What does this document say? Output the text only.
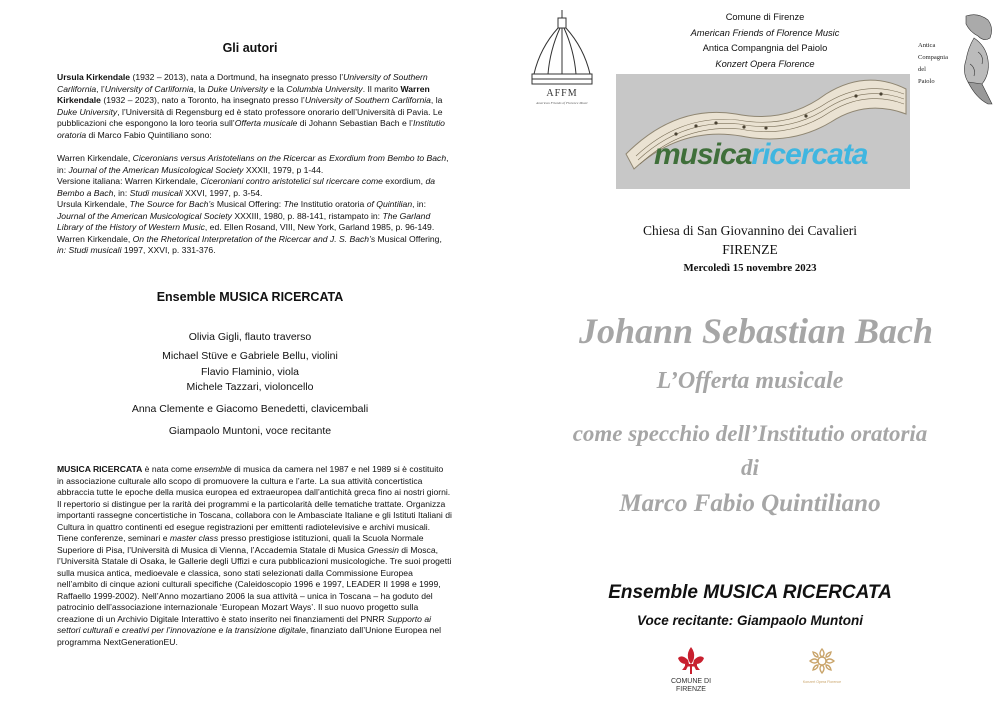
Gli autori

Ursula Kirkendale (1932 – 2013), nata a Dortmund, ha insegnato presso l’University of Southern Carlifornia, l’University of Carlifornia, la Duke University e la Columbia University. Il marito Warren Kirkendale (1932 – 2023), nato a Toronto, ha insegnato presso l’University of Southern Carlifornia, la Duke University, l’Università di Regensburg ed è stato professore onorario dell’Università di Pavia. Le pubblicazioni che espongono la loro teoria sull’Offerta musicale di Johann Sebastian Bach e l’Institutio oratoria di Marco Fabio Quintiliano sono:

Warren Kirkendale, Ciceronians versus Aristotelians on the Ricercar as Exordium from Bembo to Bach, in: Journal of the American Musicological Society XXXII, 1979, p 1-44.
Versione italiana: Warren Kirkendale, Ciceroniani contro aristotelici sul ricercare come exordium, da Bembo a Bach, in: Studi musicali XXVI, 1997, p. 3-54.
Ursula Kirkendale, The Source for Bach’s Musical Offering: The Institutio oratoria of Quintilian, in: Journal of the American Musicological Society XXXIII, 1980, p. 88-141, ristampato in: The Garland Library of the History of Western Music, ed. Ellen Rosand, VIII, New York, Garland 1985, p. 96-149.
Warren Kirkendale, On the Rhetorical Interpretation of the Ricercar and J. S. Bach’s Musical Offering, in: Studi musicali 1997, XXVI, p. 331-376.
Ensemble MUSICA RICERCATA
Olivia Gigli, flauto traverso
Michael Stüve e Gabriele Bellu, violini
Flavio Flaminio, viola
Michele Tazzari, violoncello
Anna Clemente e Giacomo Benedetti, clavicembali
Giampaolo Muntoni, voce recitante

MUSICA RICERCATA è nata come ensemble di musica da camera nel 1987 e nel 1989 si è costituito in associazione culturale allo scopo di promuovere la cultura e l’arte. La sua attività concertistica abbraccia tutte le epoche della musica europea ed extraeuropea dall’antichità greca fino ai nostri giorni. Il repertorio si distingue per la rarità dei programmi e la particolarità delle tematiche trattate. Organizza importanti rassegne concertistiche in Toscana, collabora con le Ambasciate Italiane e gli Istituti Italiani di Cultura in quattro continenti ed esegue registrazioni per emittenti radiotelevisive e archivi musicali. Tiene conferenze, seminari e master class presso prestigiose istituzioni, quali la Scuola Normale Superiore di Pisa, l’Università di Musica di Vienna, l’Accademia Statale di Musica Gnessin di Mosca, l’Università Statale di Osaka, le Gallerie degli Uffizi e cura pubblicazioni musicologiche. Tre suoi progetti sulla musica antica, medioevale e classica, sono stati selezionati dalla Commissione Europea nell’ambito di cinque azioni culturali specifiche (Caleidoscopio 1996 e 1997, LEADER II 1998 e 1999, Raffaello 1999-2002). Nell’Anno mozartiano 2006 la sua attività – unica in Toscana – ha goduto del patrocinio dell’associazione internazionale ‘European Mozart Ways’. Il suo nuovo progetto sulla creazione di un Archivio Digitale Interattivo è stato inserito nei finanziamenti del PNRR Supporto ai settori culturali e creativi per l’innovazione e la transizione digitale, finanziato dall’Unione Europea nel programma NextGenerationEU.

AFFM
American Friends of Florence Music
Comune di Firenze
American Friends of Florence Music
Antica Compangnia del Paiolo
Konzert Opera Florence
Antica
Compagnia
del
Paiolo
musicaricercata
Chiesa di San Giovannino dei Cavalieri
FIRENZE
Mercoledì 15 novembre 2023
Johann Sebastian Bach
L’Offerta musicale
come specchio dell’Institutio oratoria
di
Marco Fabio Quintiliano
Ensemble MUSICA RICERCATA
Voce recitante: Giampaolo Muntoni
COMUNE DI FIRENZE
Konzert Opera Florence
